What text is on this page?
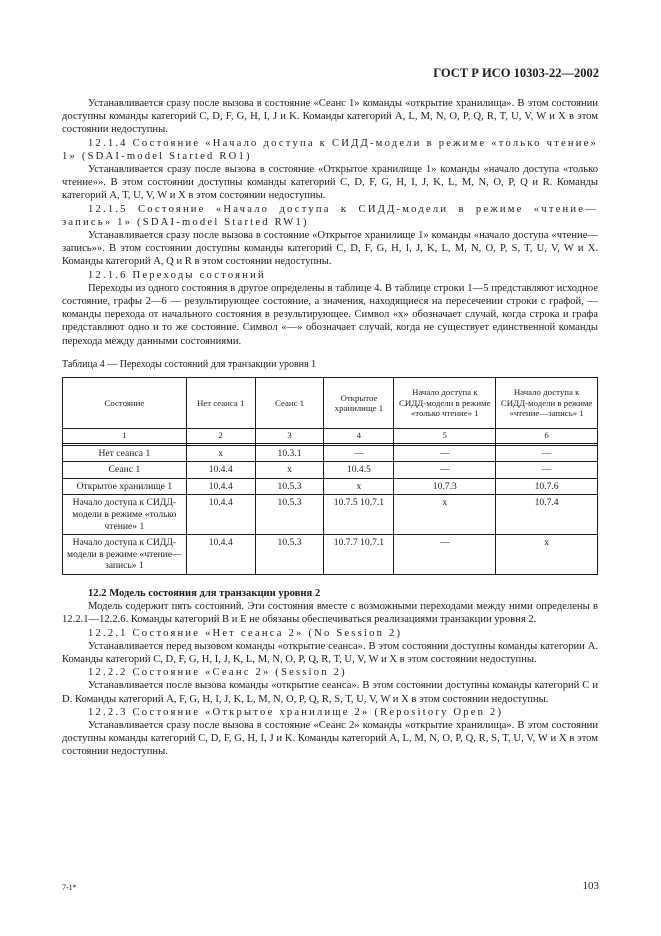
ГОСТ Р ИСО 10303-22—2002

Устанавливается сразу после вызова в состояние «Сеанс 1» команды «открытие хранилища». В этом состоянии доступны команды категорий C, D, F, G, H, I, J и K. Команды категорий A, L, M, N, O, P, Q, R, T, U, V, W и X в этом состоянии недоступны.

12.1.4 Состояние «Начало доступа к СИДД-модели в режиме «только чтение» 1» (SDAI-model Started RO1)

Устанавливается сразу после вызова в состояние «Открытое хранилище 1» команды «начало доступа «только чтение»». В этом состоянии доступны команды категорий C, D, F, G, H, I, J, K, L, M, N, O, P, Q и R. Команды категорий A, T, U, V, W и X в этом состоянии недоступны.

12.1.5 Состояние «Начало доступа к СИДД-модели в режиме «чтение—запись» 1» (SDAI-model Started RW1)

Устанавливается сразу после вызова в состояние «Открытое хранилище 1» команды «начало доступа «чтение—запись»». В этом состоянии доступны команды категорий C, D, F, G, H, I, J, K, L, M, N, O, P, S, T, U, V, W и X. Команды категорий A, Q и R в этом состоянии недоступны.

12.1.6 Переходы состояний

Переходы из одного состояния в другое определены в таблице 4. В таблице строки 1—5 представляют исходное состояние, графы 2—6 — результирующее состояние, а значения, находящиеся на пересечении строки с графой, — команды перехода от начального состояния в результирующее. Символ «x» обозначает случай, когда строка и графа представляют одно и то же состояние. Символ «—» обозначает случай, когда не существует единственной команды перехода между данными состояниями.

Таблица 4 — Переходы состояний для транзакции уровня 1

Состояние	Нет сеанса 1	Сеанс 1	Открытое хранилище 1	Начало доступа к СИДД-модели в режиме «только чтение» 1	Начало доступа к СИДД-модели в режиме «чтение—запись» 1
1	2	3	4	5	6

Нет сеанса 1	x	10.3.1	—	—	—
Сеанс 1	10.4.4	x	10.4.5	—	—
Открытое хранилище 1	10.4.4	10.5.3	x	10.7.3	10.7.6
Начало доступа к СИДД-модели в режиме «только чтение» 1	10.4.4	10.5.3	10.7.5 10.7.1	x	10.7.4
Начало доступа к СИДД-модели в режиме «чтение—запись» 1	10.4.4	10.5.3	10.7.7 10.7.1	—	x

12.2 Модель состояния для транзакции уровня 2

Модель содержит пять состояний. Эти состояния вместе с возможными переходами между ними определены в 12.2.1—12.2.6. Команды категорий B и E не обязаны обеспечиваться реализациями транзакции уровня 2.

12.2.1 Состояние «Нет сеанса 2» (No Session 2)

Устанавливается перед вызовом команды «открытие сеанса». В этом состоянии доступны команды категории A. Команды категорий C, D, F, G, H, I, J, K, L, M, N, O, P, Q, R, T, U, V, W и X в этом состоянии недоступны.

12.2.2 Состояние «Сеанс 2» (Session 2)

Устанавливается после вызова команды «открытие сеанса». В этом состоянии доступны команды категорий C и D. Команды категорий A, F, G, H, I, J, K, L, M, N, O, P, Q, R, S, T, U, V, W и X в этом состоянии недоступны.

12.2.3 Состояние «Открытое хранилище 2» (Repository Open 2)

Устанавливается сразу после вызова в состояние «Сеанс 2» команды «открытие хранилища». В этом состоянии доступны команды категорий C, D, F, G, H, I, J и K. Команды категорий A, L, M, N, O, P, Q, R, S, T, U, V, W и X в этом состоянии недоступны.

7-1*	103
